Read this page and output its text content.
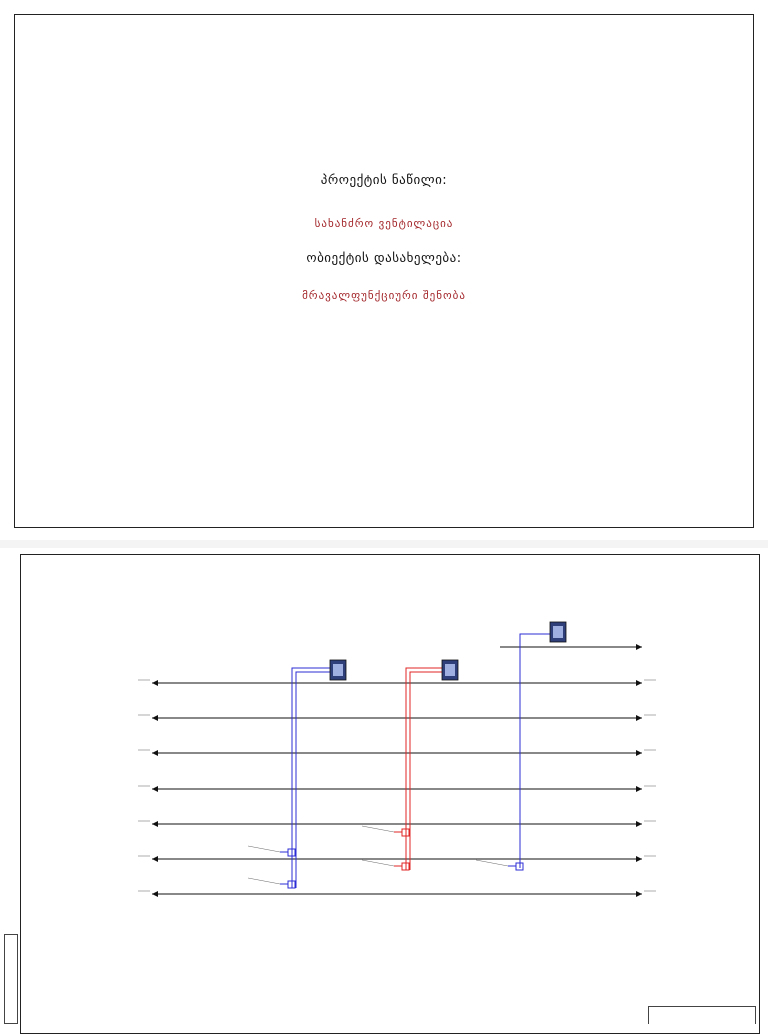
პროექტის ნაწილი:
სახანძრო ვენტილაცია
ობიექტის დასახელება:
მრავალფუნქციური შენობა
